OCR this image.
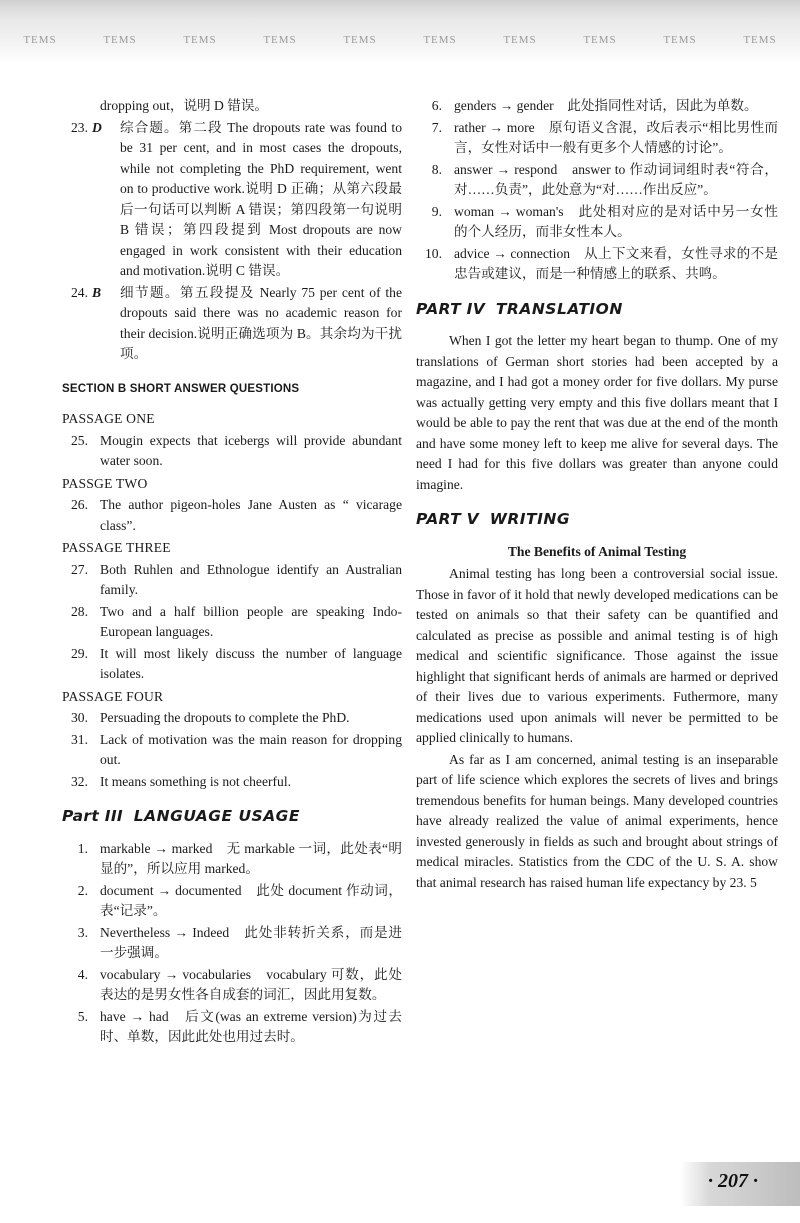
TEMS	TEMS	TEMS	TEMS	TEMS	TEMS	TEMS	TEMS	TEMS	TEMS
dropping out，说明 D 错误。
23. D 综合题。第二段 The dropouts rate was found to be 31 per cent, and in most cases the dropouts, while not completing the PhD requirement, went on to productive work.说明 D 正确；从第六段最后一句话可以判断 A 错误；第四段第一句说明 B 错误；第四段提到 Most dropouts are now engaged in work consistent with their education and motivation.说明 C 错误。
24. B 细节题。第五段提及 Nearly 75 per cent of the dropouts said there was no academic reason for their decision.说明正确选项为 B。其余均为干扰项。
SECTION B SHORT ANSWER QUESTIONS
PASSAGE ONE
25. Mougin expects that icebergs will provide abundant water soon.
PASSGE TWO
26. The author pigeon-holes Jane Austen as “ vicarage class”.
PASSAGE THREE
27. Both Ruhlen and Ethnologue identify an Australian family.
28. Two and a half billion people are speaking Indo-European languages.
29. It will most likely discuss the number of language isolates.
PASSAGE FOUR
30. Persuading the dropouts to complete the PhD.
31. Lack of motivation was the main reason for dropping out.
32. It means something is not cheerful.
Part III LANGUAGE USAGE
1. markable → marked　无 markable 一词，此处表“明显的”，所以应用 marked。
2. document → documented　此处 document 作动词，表“记录”。
3. Nevertheless → Indeed　此处非转折关系，而是进一步强调。
4. vocabulary → vocabularies　vocabulary 可数，此处表达的是男女性各自成套的词汇，因此用复数。
5. have → had　后文(was an extreme version)为过去时、单数，因此此处也用过去时。
6. genders → gender　此处指同性对话，因此为单数。
7. rather → more　原句语义含混，改后表示“相比男性而言，女性对话中一般有更多个人情感的讨论”。
8. answer → respond　answer to 作动词词组时表“符合，对……负责”，此处意为“对……作出反应”。
9. woman → woman's　此处相对应的是对话中另一女性的个人经历，而非女性本人。
10. advice → connection　从上下文来看，女性寻求的不是忠告或建议，而是一种情感上的联系、共鸣。
PART IV TRANSLATION
When I got the letter my heart began to thump. One of my translations of German short stories had been accepted by a magazine, and I had got a money order for five dollars. My purse was actually getting very empty and this five dollars meant that I would be able to pay the rent that was due at the end of the month and have some money left to keep me alive for several days. The need I had for this five dollars was greater than anyone could imagine.
PART V WRITING
The Benefits of Animal Testing
Animal testing has long been a controversial social issue. Those in favor of it hold that newly developed medications can be tested on animals so that their safety can be quantified and calculated as precise as possible and animal testing is of high medical and scientific significance. Those against the issue highlight that significant herds of animals are harmed or deprived of their lives due to various experiments. Futhermore, many medications used upon animals will never be permitted to be applied clinically to humans.
As far as I am concerned, animal testing is an inseparable part of life science which explores the secrets of lives and brings tremendous benefits for human beings. Many developed countries have already realized the value of animal experiments, hence invested generously in fields as such and brought about strings of medical miracles. Statistics from the CDC of the U. S. A. show that animal research has raised human life expectancy by 23. 5
· 207 ·
